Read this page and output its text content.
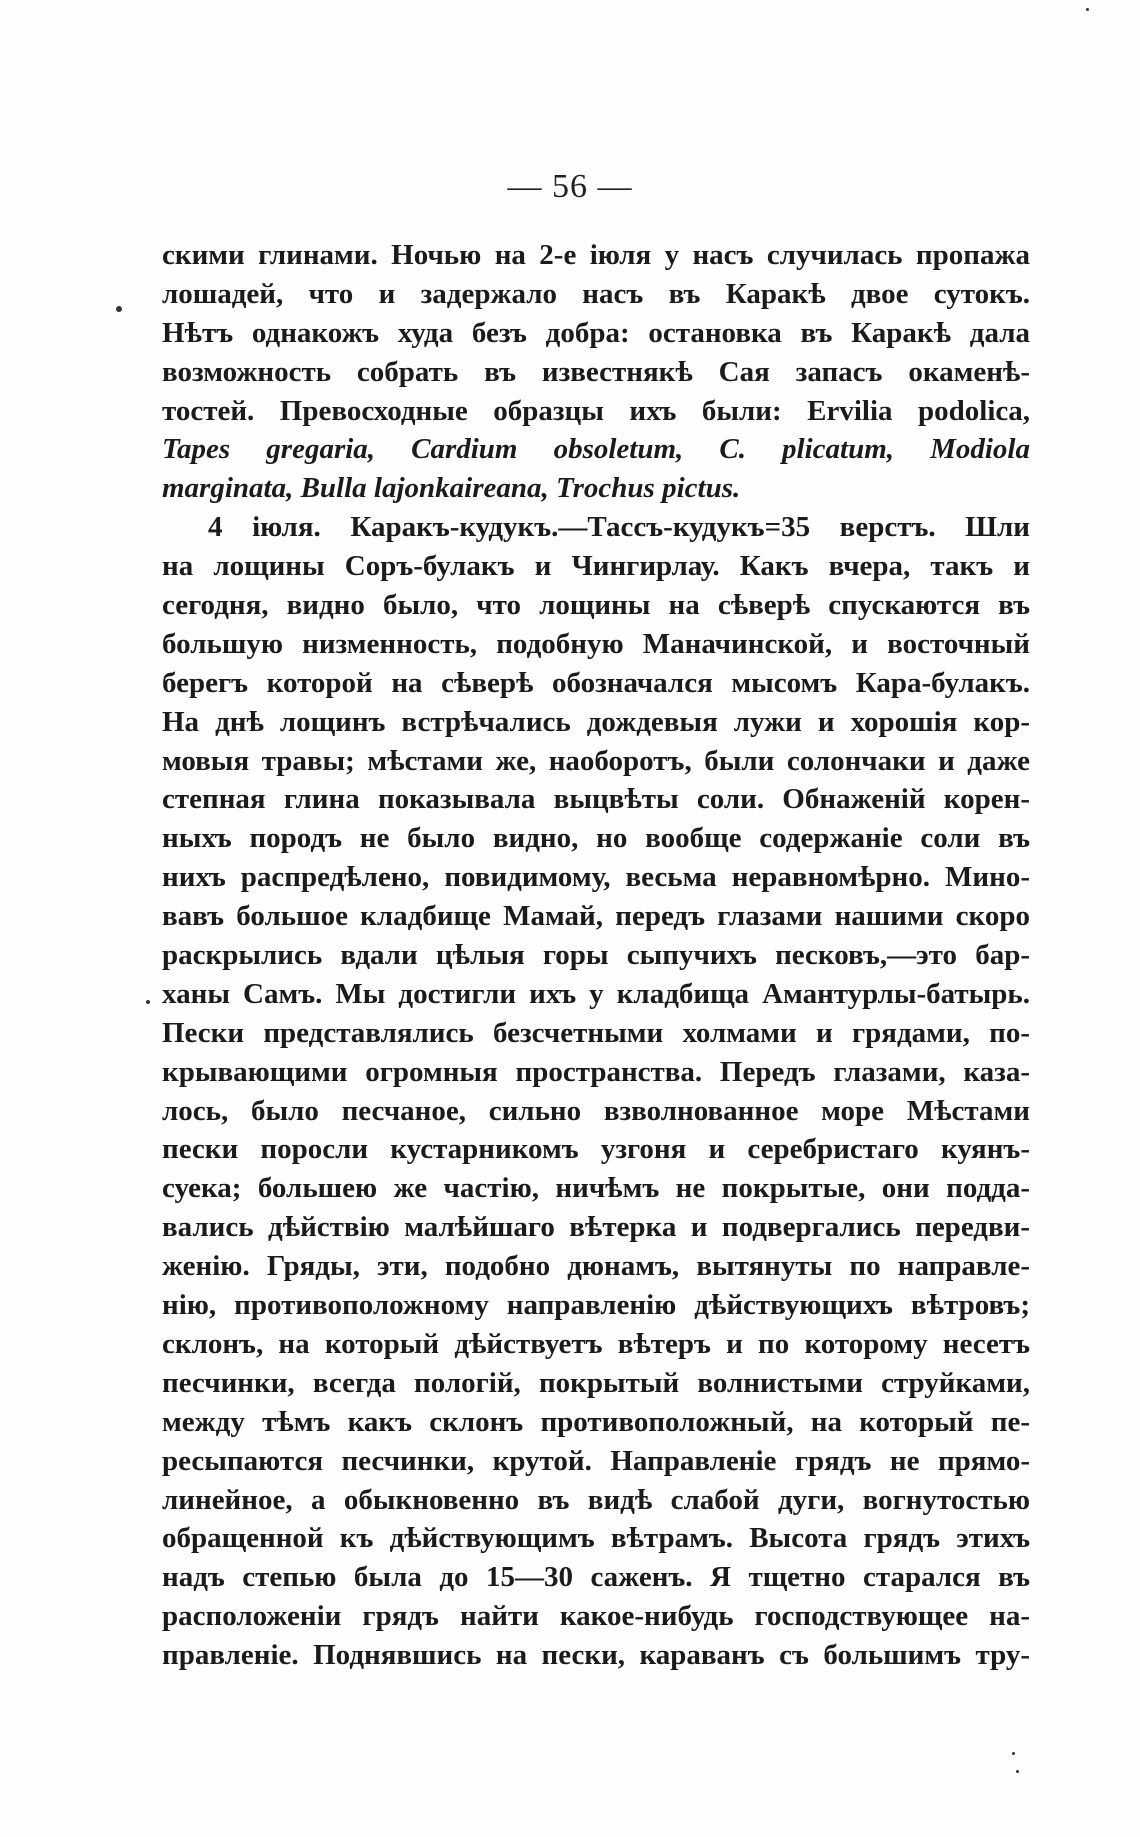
— 56 —
скими глинами. Ночью на 2-е іюля у насъ случилась пропажа
лошадей, что и задержало насъ въ Каракѣ двое сутокъ.
Нѣтъ однакожъ худа безъ добра: остановка въ Каракѣ дала
возможность собрать въ известнякѣ Сая запасъ окаменѣ-
тостей. Превосходные образцы ихъ были: Ervilia podolica,
Tapes gregaria, Cardium obsoletum, C. plicatum, Modiola
marginata, Bulla lajonkaireana, Trochus pictus.
4 іюля. Каракъ-кудукъ.—Тассъ-кудукъ=35 верстъ. Шли
на лощины Соръ-булакъ и Чингирлау. Какъ вчера, такъ и
сегодня, видно было, что лощины на сѣверѣ спускаются въ
большую низменность, подобную Маначинской, и восточный
берегъ которой на сѣверѣ обозначался мысомъ Кара-булакъ.
На днѣ лощинъ встрѣчались дождевыя лужи и хорошія кор-
мовыя травы; мѣстами же, наоборотъ, были солончаки и даже
степная глина показывала выцвѣты соли. Обнаженій корен-
ныхъ породъ не было видно, но вообще содержаніе соли въ
нихъ распредѣлено, повидимому, весьма неравномѣрно. Мино-
вавъ большое кладбище Мамай, передъ глазами нашими скоро
раскрылись вдали цѣлыя горы сыпучихъ песковъ,—это бар-
ханы Самъ. Мы достигли ихъ у кладбища Амантурлы-батырь.
Пески представлялись безсчетными холмами и грядами, по-
крывающими огромныя пространства. Передъ глазами, каза-
лось, было песчаное, сильно взволнованное море Мѣстами
пески поросли кустарникомъ узгоня и серебристаго куянъ-
суека; большею же частію, ничѣмъ не покрытые, они подда-
вались дѣйствію малѣйшаго вѣтерка и подвергались передви-
женію. Гряды, эти, подобно дюнамъ, вытянуты по направле-
нію, противоположному направленію дѣйствующихъ вѣтровъ;
склонъ, на который дѣйствуетъ вѣтеръ и по которому несетъ
песчинки, всегда пологій, покрытый волнистыми струйками,
между тѣмъ какъ склонъ противоположный, на который пе-
ресыпаются песчинки, крутой. Направленіе грядъ не прямо-
линейное, а обыкновенно въ видѣ слабой дуги, вогнутостью
обращенной къ дѣйствующимъ вѣтрамъ. Высота грядъ этихъ
надъ степью была до 15—30 саженъ. Я тщетно старался въ
расположеніи грядъ найти какое-нибудь господствующее на-
правленіе. Поднявшись на пески, караванъ съ большимъ тру-
